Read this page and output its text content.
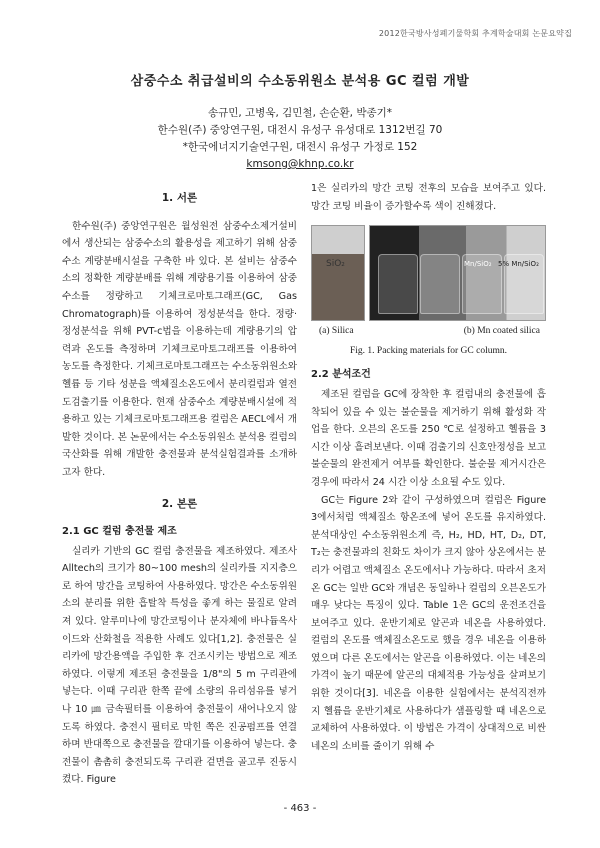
2012한국방사성폐기물학회 추계학술대회 논문요약집
삼중수소 취급설비의 수소동위원소 분석용 GC 컬럼 개발
송규민, 고병욱, 김민철, 손순환, 박종기*
한수원(주) 중앙연구원, 대전시 유성구 유성대로 1312번길 70
*한국에너지기술연구원, 대전시 유성구 가정로 152
kmsong@khnp.co.kr
1. 서론

한수원(주) 중앙연구원은 월성원전 삼중수소제거설비에서 생산되는 삼중수소의 활용성을 제고하기 위해 삼중수소 계량분배시설을 구축한 바 있다. 본 설비는 삼중수소의 정확한 계량분배를 위해 계량용기를 이용하여 삼중수소를 정량하고 기체크로마토그래프(GC, Gas Chromatograph)를 이용하여 정성분석을 한다. 정량·정성분석을 위해 PVT-c법을 이용하는데 계량용기의 압력과 온도를 측정하며 기체크로마토그래프를 이용하여 농도를 측정한다. 기체크로마토그래프는 수소동위원소와 헬륨 등 기타 성분을 액체질소온도에서 분리컬럼과 열전도검출기를 이용한다. 현재 삼중수소 계량분배시설에 적용하고 있는 기체크로마토그래프용 컬럼은 AECL에서 개발한 것이다. 본 논문에서는 수소동위원소 분석용 컬럼의 국산화를 위해 개발한 충전물과 분석실험결과를 소개하고자 한다.

2. 본론
2.1 GC 컬럼 충전물 제조

실리카 기반의 GC 컬럼 충전물을 제조하였다. 제조사 Alltech의 크기가 80~100 mesh의 실리카를 지지층으로 하여 망간을 코팅하여 사용하였다. 망간은 수소동위원소의 분리를 위한 흡탈착 특성을 좋게 하는 물질로 알려져 있다. 알루미나에 망간코팅이나 분자체에 바나듐옥사이드와 산화철을 적용한 사례도 있다[1,2]. 충전물은 실리카에 망간용액을 주입한 후 건조시키는 방법으로 제조하였다. 이렇게 제조된 충전물을 1/8"의 5 m 구리관에 넣는다. 이때 구리관 한쪽 끝에 소량의 유리섬유를 넣거나 10 ㎛ 금속필터를 이용하여 충전물이 새어나오지 않도록 하였다. 충전시 필터로 막힌 쪽은 진공펌프를 연결하며 반대쪽으로 충전물을 깔대기를 이용하여 넣는다. 충전물이 촘촘히 충전되도록 구리관 겉면을 골고루 진동시켰다. Figure

1은 실리카의 망간 코팅 전후의 모습을 보여주고 있다. 망간 코팅 비율이 증가할수록 색이 진해졌다.

SiO₂	Mn/SiO₂ 5% Mn/SiO₂
(a) Silica	(b) Mn coated silica
Fig. 1. Packing materials for GC column.
2.2 분석조건

제조된 컬럼을 GC에 장착한 후 컬럼내의 충전물에 흡착되어 있을 수 있는 불순물을 제거하기 위해 활성화 작업을 한다. 오븐의 온도를 250 ℃로 설정하고 헬륨을 3시간 이상 흘려보낸다. 이때 검출기의 신호안정성을 보고 불순물의 완전제거 여부를 확인한다. 불순물 제거시간은 경우에 따라서 24 시간 이상 소요될 수도 있다.

GC는 Figure 2와 같이 구성하였으며 컬럼은 Figure 3에서처럼 액체질소 항온조에 넣어 온도를 유지하였다. 분석대상인 수소동위원소계 즉, H₂, HD, HT, D₂, DT, T₂는 충전물과의 친화도 차이가 크지 않아 상온에서는 분리가 어렵고 액체질소 온도에서나 가능하다. 따라서 초저온 GC는 일반 GC와 개념은 동일하나 컬럼의 오븐온도가 매우 낮다는 특징이 있다. Table 1은 GC의 운전조건을 보여주고 있다. 운반기체로 알곤과 네온을 사용하였다. 컬럼의 온도를 액체질소온도로 했을 경우 네온을 이용하였으며 다른 온도에서는 알곤을 이용하였다. 이는 네온의 가격이 높기 때문에 알곤의 대체적용 가능성을 살펴보기 위한 것이다[3]. 네온을 이용한 실험에서는 분석직전까지 헬륨을 운반기체로 사용하다가 샘플링할 때 네온으로 교체하여 사용하였다. 이 방법은 가격이 상대적으로 비싼 네온의 소비를 줄이기 위해 수

- 463 -
